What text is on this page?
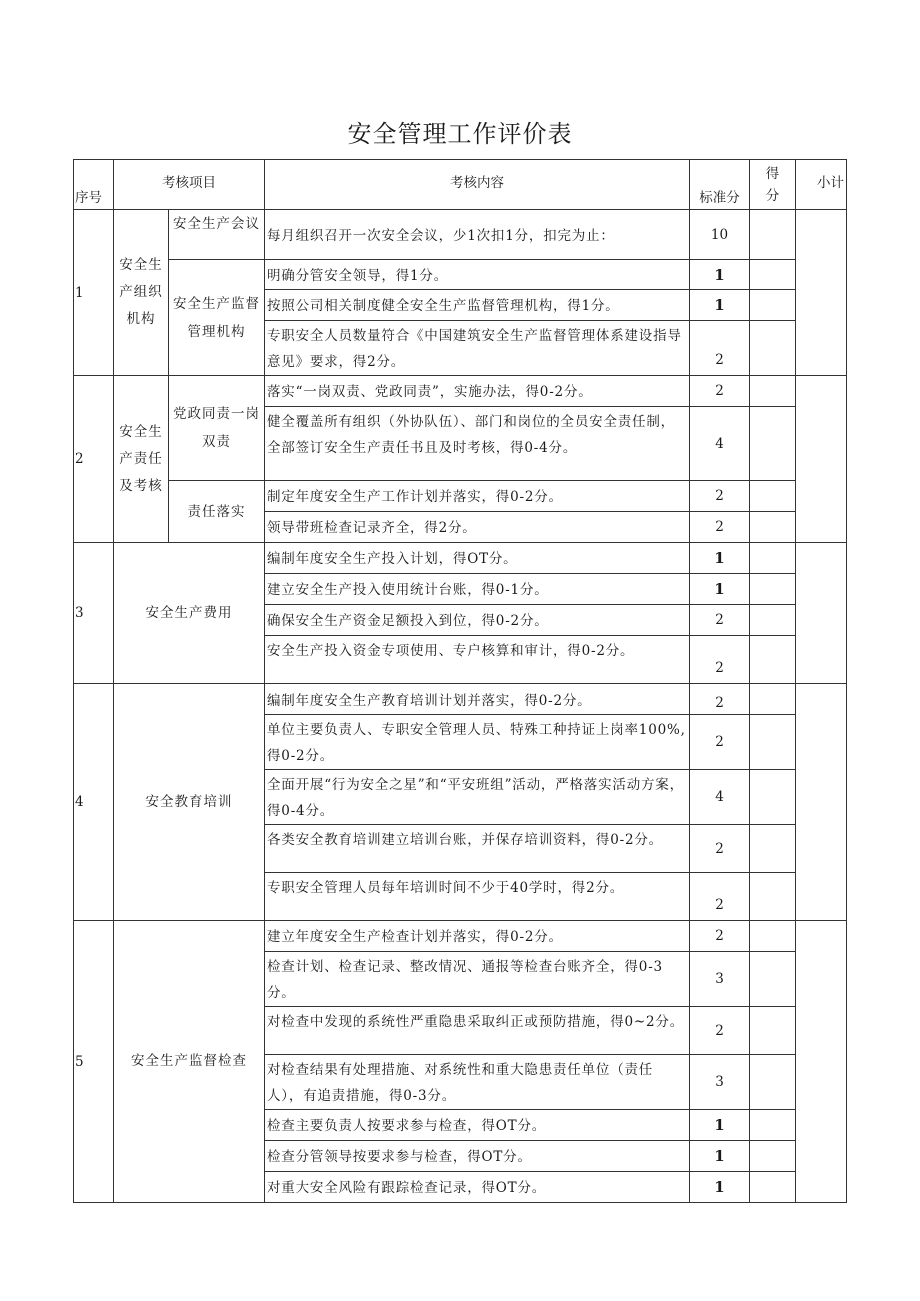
安全管理工作评价表
序号	考核项目		考核内容	标准分	得分	小计
1	安全生产组织机构	安全生产会议	每月组织召开一次安全会议，少1次扣1分，扣完为止：	10		
		安全生产监督管理机构	明确分管安全领导，得1分。	1		
			按照公司相关制度健全安全生产监督管理机构，得1分。	1		
			专职安全人员数量符合《中国建筑安全生产监督管理体系建设指导意见》要求，得2分。	2		
2	安全生产责任及考核	党政同责一岗双责	落实“一岗双责、党政同责”，实施办法，得0-2分。	2		
			健全覆盖所有组织（外协队伍）、部门和岗位的全员安全责任制，全部签订安全生产责任书且及时考核，得0-4分。	4		
		责任落实	制定年度安全生产工作计划并落实，得0-2分。	2		
			领导带班检查记录齐全，得2分。	2		
3	安全生产费用		编制年度安全生产投入计划，得OT分。	1		
			建立安全生产投入使用统计台账，得0-1分。	1		
			确保安全生产资金足额投入到位，得0-2分。	2		
			安全生产投入资金专项使用、专户核算和审计，得0-2分。	2		
4	安全教育培训		编制年度安全生产教育培训计划并落实，得0-2分。	2		
			单位主要负责人、专职安全管理人员、特殊工种持证上岗率100%,得0-2分。	2		
			全面开展“行为安全之星”和“平安班组”活动，严格落实活动方案，得0-4分。	4		
			各类安全教育培训建立培训台账，并保存培训资料，得0-2分。	2		
			专职安全管理人员每年培训时间不少于40学时，得2分。	2		
5	安全生产监督检查		建立年度安全生产检查计划并落实，得0-2分。	2		
			检查计划、检查记录、整改情况、通报等检查台账齐全，得0-3分。	3		
			对检查中发现的系统性严重隐患采取纠正或预防措施，得0~2分。	2		
			对检查结果有处理措施、对系统性和重大隐患责任单位（责任人），有追责措施，得0-3分。	3		
			检查主要负责人按要求参与检查，得OT分。	1		
			检查分管领导按要求参与检查，得OT分。	1		
			对重大安全风险有跟踪检查记录，得OT分。	1		
